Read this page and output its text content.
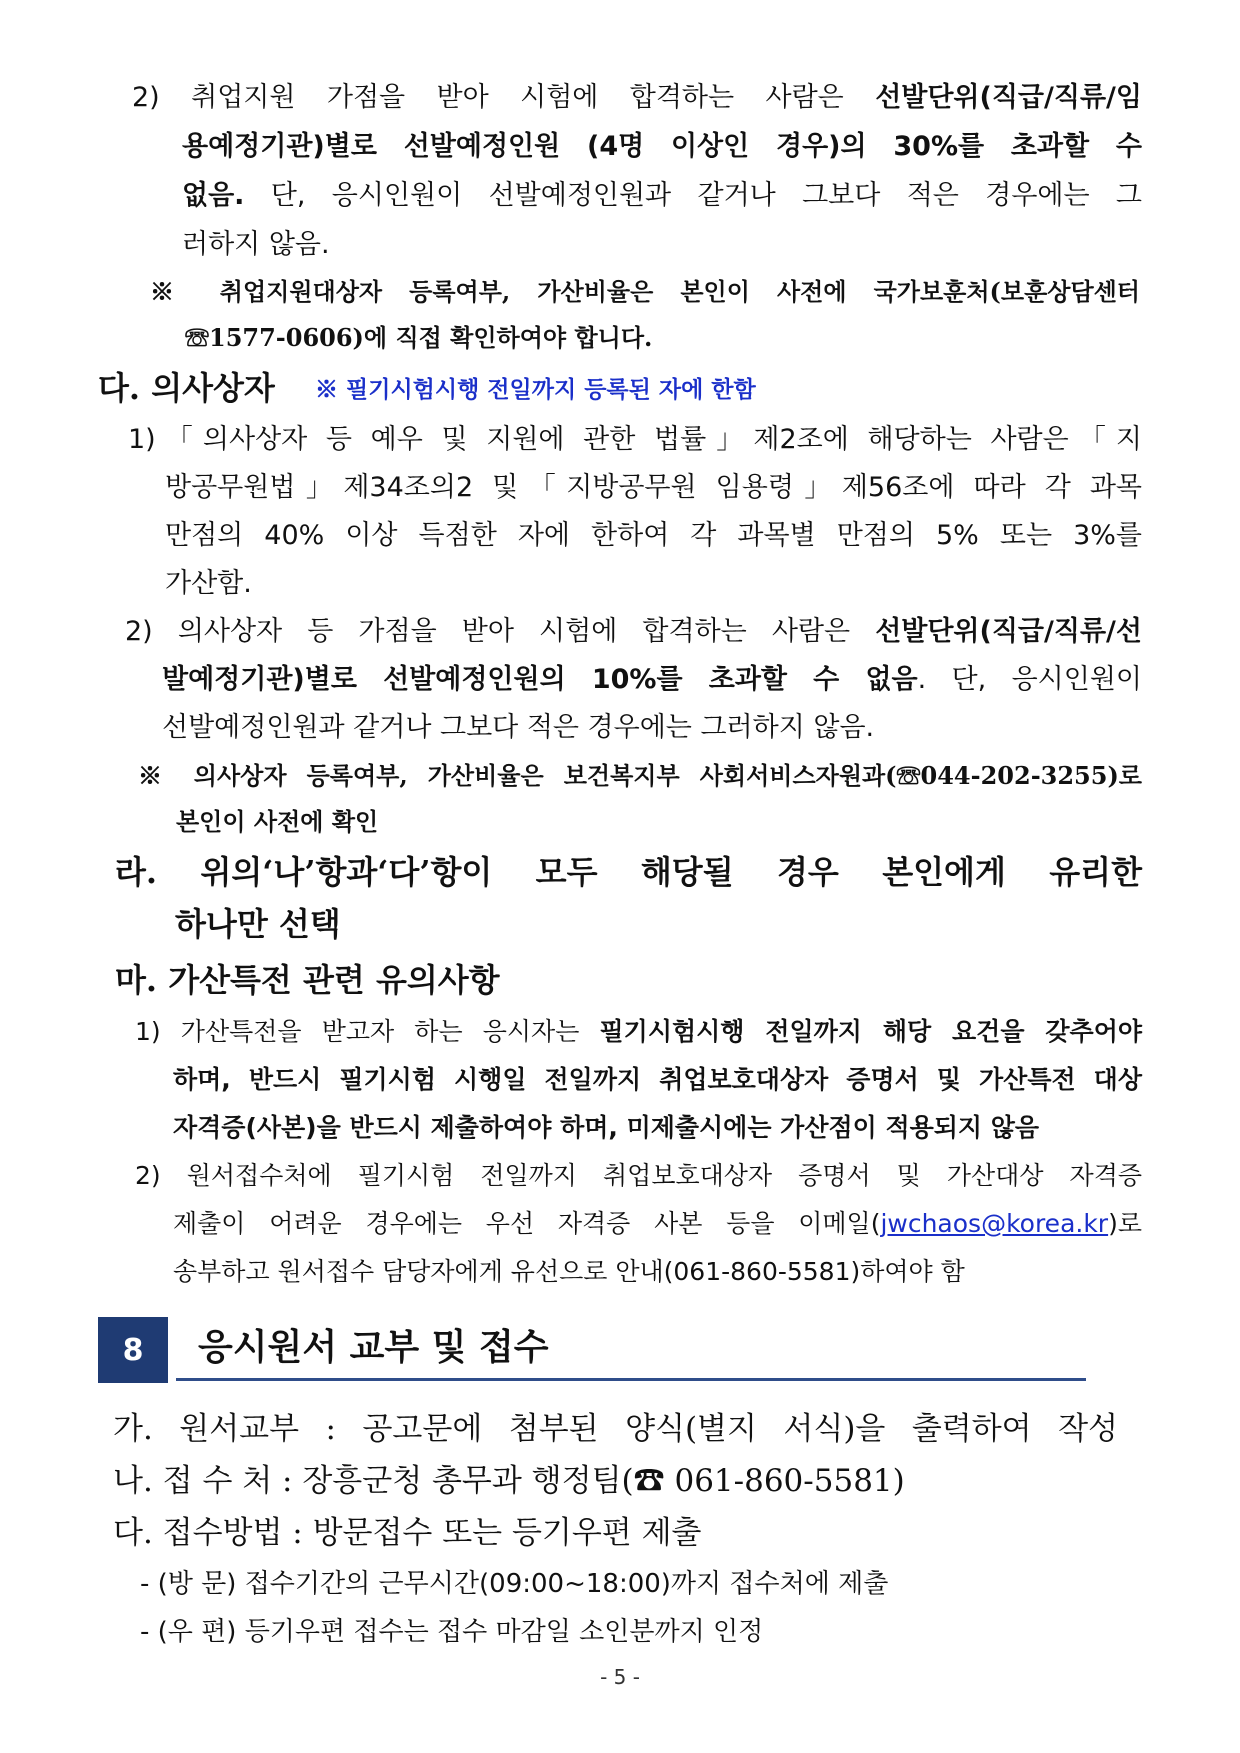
2) 취업지원 가점을 받아 시험에 합격하는 사람은 선발단위(직급/직류/임
용예정기관)별로 선발예정인원 (4명 이상인 경우)의 30%를 초과할 수
없음. 단, 응시인원이 선발예정인원과 같거나 그보다 적은 경우에는 그
러하지 않음.
※ 취업지원대상자 등록여부, 가산비율은 본인이 사전에 국가보훈처(보훈상담센터
☏1577-0606)에 직접 확인하여야 합니다.
다. 의사상자 ※ 필기시험시행 전일까지 등록된 자에 한함
1)「의사상자 등 예우 및 지원에 관한 법률」제2조에 해당하는 사람은「지
방공무원법」제34조의2 및「지방공무원 임용령」제56조에 따라 각 과목
만점의 40% 이상 득점한 자에 한하여 각 과목별 만점의 5% 또는 3%를
가산함.
2) 의사상자 등 가점을 받아 시험에 합격하는 사람은 선발단위(직급/직류/선
발예정기관)별로 선발예정인원의 10%를 초과할 수 없음. 단, 응시인원이
선발예정인원과 같거나 그보다 적은 경우에는 그러하지 않음.
※ 의사상자 등록여부, 가산비율은 보건복지부 사회서비스자원과(☏044-202-3255)로
본인이 사전에 확인
라. 위의‘나’항과‘다’항이 모두 해당될 경우 본인에게 유리한
하나만 선택
마. 가산특전 관련 유의사항
1) 가산특전을 받고자 하는 응시자는 필기시험시행 전일까지 해당 요건을 갖추어야
하며, 반드시 필기시험 시행일 전일까지 취업보호대상자 증명서 및 가산특전 대상
자격증(사본)을 반드시 제출하여야 하며, 미제출시에는 가산점이 적용되지 않음
2) 원서접수처에 필기시험 전일까지 취업보호대상자 증명서 및 가산대상 자격증
제출이 어려운 경우에는 우선 자격증 사본 등을 이메일(jwchaos@korea.kr)로
송부하고 원서접수 담당자에게 유선으로 안내(061-860-5581)하여야 함
8	응시원서 교부 및 접수
가. 원서교부 : 공고문에 첨부된 양식(별지 서식)을 출력하여 작성
나. 접 수 처 : 장흥군청 총무과 행정팀(☎ 061-860-5581)
다. 접수방법 : 방문접수 또는 등기우편 제출
- (방 문) 접수기간의 근무시간(09:00~18:00)까지 접수처에 제출
- (우 편) 등기우편 접수는 접수 마감일 소인분까지 인정
- 5 -
